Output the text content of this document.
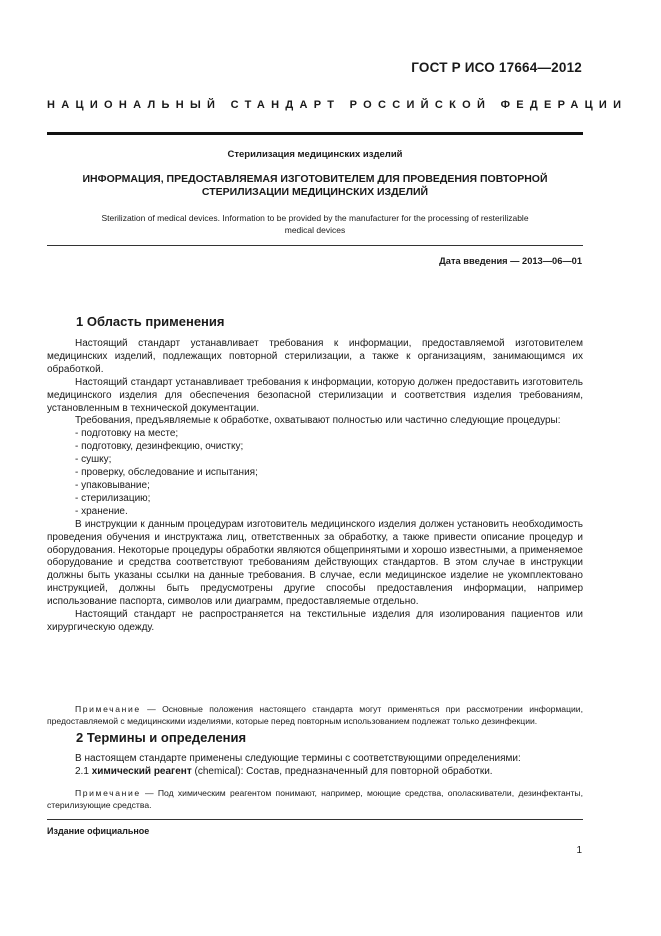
ГОСТ Р ИСО 17664—2012
НАЦИОНАЛЬНЫЙ СТАНДАРТ РОССИЙСКОЙ ФЕДЕРАЦИИ
Стерилизация медицинских изделий
ИНФОРМАЦИЯ, ПРЕДОСТАВЛЯЕМАЯ ИЗГОТОВИТЕЛЕМ ДЛЯ ПРОВЕДЕНИЯ ПОВТОРНОЙ
СТЕРИЛИЗАЦИИ МЕДИЦИНСКИХ ИЗДЕЛИЙ
Sterilization of medical devices. Information to be provided by the manufacturer for the processing of resterilizable
medical devices
Дата введения — 2013—06—01
1 Область применения

Настоящий стандарт устанавливает требования к информации, предоставляемой изготовителем медицинских изделий, подлежащих повторной стерилизации, а также к организациям, занимающимся их обработкой.

Настоящий стандарт устанавливает требования к информации, которую должен предоставить изготовитель медицинского изделия для обеспечения безопасной стерилизации и соответствия изделия требованиям, установленным в технической документации.

Требования, предъявляемые к обработке, охватывают полностью или частично следующие процедуры:

- подготовку на месте;

- подготовку, дезинфекцию, очистку;

- сушку;

- проверку, обследование и испытания;

- упаковывание;

- стерилизацию;

- хранение.

В инструкции к данным процедурам изготовитель медицинского изделия должен установить необходимость проведения обучения и инструктажа лиц, ответственных за обработку, а также привести описание процедур и оборудования. Некоторые процедуры обработки являются общепринятыми и хорошо известными, а применяемое оборудование и средства соответствуют требованиям действующих стандартов. В этом случае в инструкции должны быть указаны ссылки на данные требования. В случае, если медицинское изделие не укомплектовано инструкцией, должны быть предусмотрены другие способы предоставления информации, например использование паспорта, символов или диаграмм, предоставляемые отдельно.

Настоящий стандарт не распространяется на текстильные изделия для изолирования пациентов или хирургическую одежду.

Примечание — Основные положения настоящего стандарта могут применяться при рассмотрении информации, предоставляемой с медицинскими изделиями, которые перед повторным использованием подлежат только дезинфекции.

2 Термины и определения

В настоящем стандарте применены следующие термины с соответствующими определениями:

2.1 химический реагент (chemical): Состав, предназначенный для повторной обработки.

Примечание — Под химическим реагентом понимают, например, моющие средства, ополаскиватели, дезинфектанты, стерилизующие средства.

Издание официальное
1
